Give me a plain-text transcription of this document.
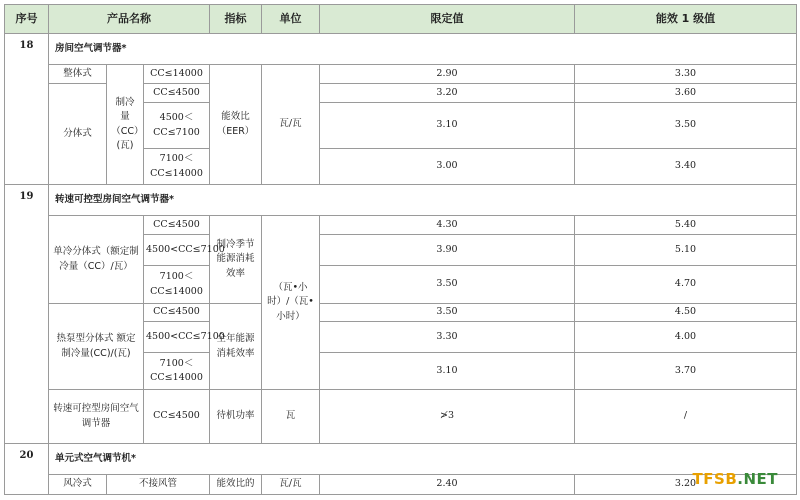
序号	产品名称			指标	单位	限定值	能效 1 级值
18	房间空气调节器*						
	整体式	制冷量（CC）(瓦)	CC≤14000	能效比（EER）	瓦/瓦	2.90	3.30
	分体式		CC≤4500			3.20	3.60
			4500＜CC≤7100			3.10	3.50

			7100＜CC≤14000			3.00	3.40
19	转速可控型房间空气调节器*						
	单冷分体式（额定制冷量（CC）/瓦）		CC≤4500	制冷季节能源消耗效率	（瓦•小时）/（瓦•小时）	4.30	5.40
			4500<CC≤7100			3.90	5.10
			7100＜CC≤14000			3.50	4.70
	热泵型分体式 额定制冷量(CC)/(瓦)		CC≤4500	全年能源消耗效率		3.50	4.50
			4500<CC≤7100			3.30	4.00
			7100＜CC≤14000			3.10	3.70
	转速可控型房间空气调节器		CC≤4500	待机功率	瓦	≯3	/
20	单元式空气调节机*						
	风冷式	不接风管		能效比的	瓦/瓦	2.40	3.20
TFSB.NET
